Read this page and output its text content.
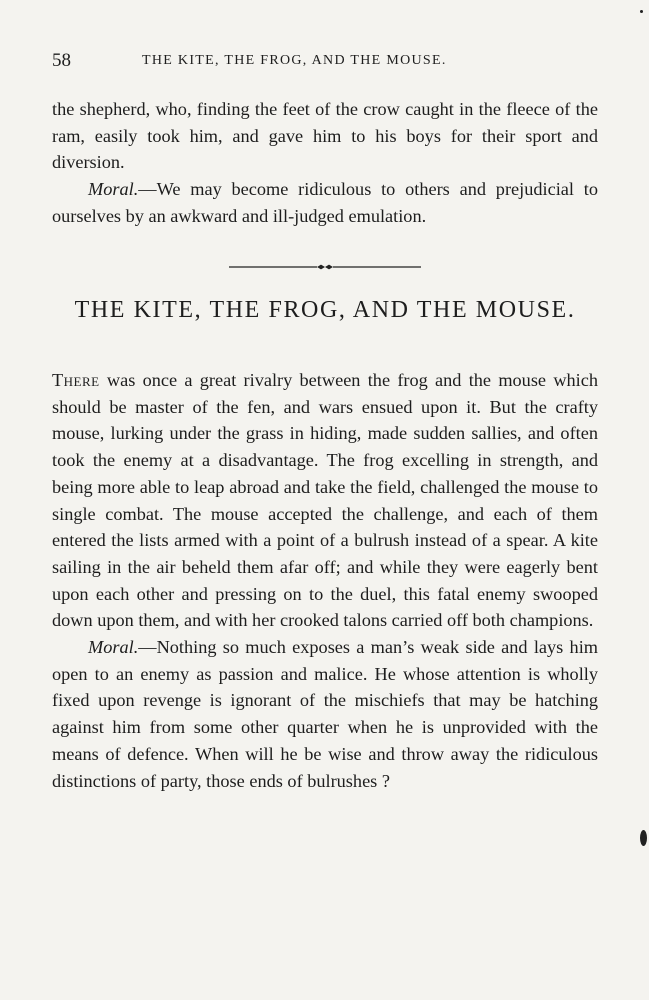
58	THE KITE, THE FROG, AND THE MOUSE.

the shepherd, who, finding the feet of the crow caught in the fleece of the ram, easily took him, and gave him to his boys for their sport and diversion.

Moral.—We may become ridiculous to others and prejudicial to ourselves by an awkward and ill-judged emulation.

THE KITE, THE FROG, AND THE MOUSE.

There was once a great rivalry between the frog and the mouse which should be master of the fen, and wars ensued upon it. But the crafty mouse, lurking under the grass in hiding, made sudden sallies, and often took the enemy at a disadvantage. The frog excelling in strength, and being more able to leap abroad and take the field, challenged the mouse to single combat. The mouse accepted the challenge, and each of them entered the lists armed with a point of a bulrush instead of a spear. A kite sailing in the air beheld them afar off; and while they were eagerly bent upon each other and pressing on to the duel, this fatal enemy swooped down upon them, and with her crooked talons carried off both champions.

Moral.—Nothing so much exposes a man’s weak side and lays him open to an enemy as passion and malice. He whose attention is wholly fixed upon revenge is ignorant of the mischiefs that may be hatching against him from some other quarter when he is unprovided with the means of defence. When will he be wise and throw away the ridiculous distinctions of party, those ends of bulrushes ?
